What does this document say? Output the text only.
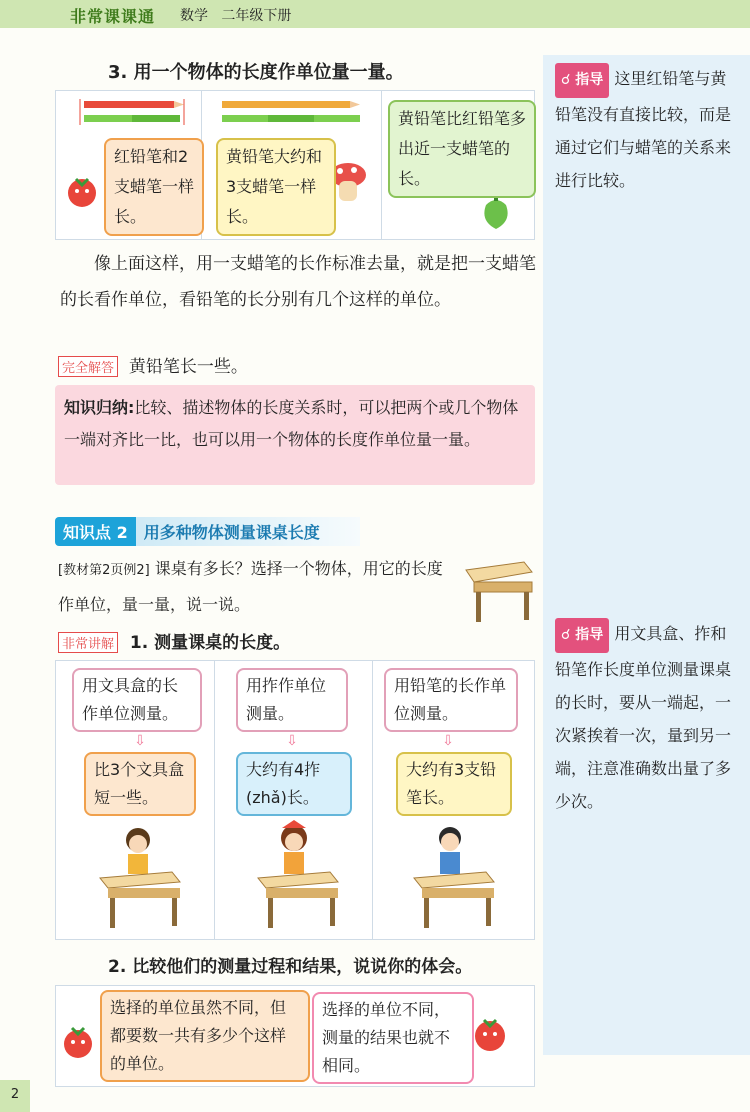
非常课课通 数学 二年级下册
☌ 指导 这里红铅笔与黄铅笔没有直接比较，而是通过它们与蜡笔的关系来进行比较。
☌ 指导 用文具盒、拃和铅笔作长度单位测量课桌的长时，要从一端起，一次紧挨着一次，量到另一端，注意准确数出量了多少次。
3. 用一个物体的长度作单位量一量。
红铅笔和2支蜡笔一样长。
黄铅笔大约和3支蜡笔一样长。
黄铅笔比红铅笔多出近一支蜡笔的长。
像上面这样，用一支蜡笔的长作标准去量，就是把一支蜡笔的长看作单位，看铅笔的长分别有几个这样的单位。
完全解答 黄铅笔长一些。
知识归纳:比较、描述物体的长度关系时，可以把两个或几个物体一端对齐比一比，也可以用一个物体的长度作单位量一量。
知识点 2 用多种物体测量课桌长度
[教材第2页例2] 课桌有多长？选择一个物体，用它的长度作单位，量一量，说一说。
非常讲解 1. 测量课桌的长度。
用文具盒的长作单位测量。
⇩
比3个文具盒短一些。
用拃作单位测量。
⇩
大约有4拃(zhǎ)长。
用铅笔的长作单位测量。
⇩
大约有3支铅笔长。
2. 比较他们的测量过程和结果，说说你的体会。
选择的单位虽然不同，但都要数一共有多少个这样的单位。
选择的单位不同，测量的结果也就不相同。
2
